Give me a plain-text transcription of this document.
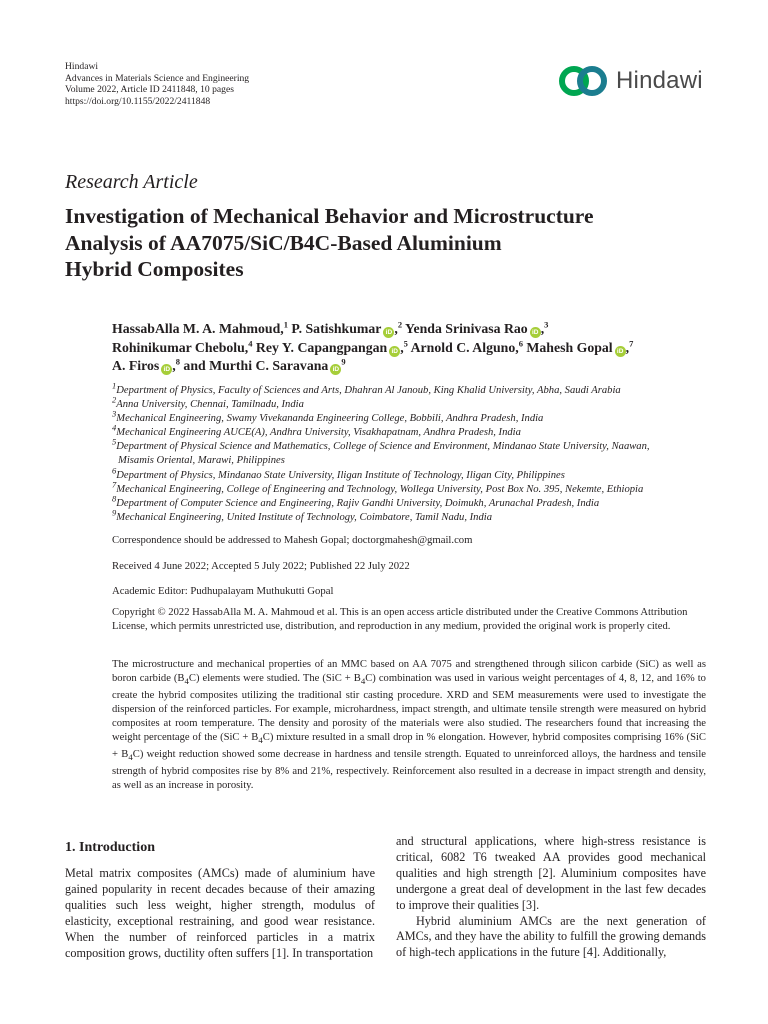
Hindawi
Advances in Materials Science and Engineering
Volume 2022, Article ID 2411848, 10 pages
https://doi.org/10.1155/2022/2411848
Hindawi
Research Article
Investigation of Mechanical Behavior and Microstructure
Analysis of AA7075/SiC/B4C-Based Aluminium
Hybrid Composites
HassabAlla M. A. Mahmoud,$^1$ P. Satishkumar iD ,$^2$ Yenda Srinivasa Rao iD ,$^3$
Rohinikumar Chebolu,$^4$ Rey Y. Capangpangan iD ,$^5$ Arnold C. Alguno,$^6$ Mahesh Gopal iD ,$^7$
A. Firos iD ,$^8$ and Murthi C. Saravana $iD^9$
$^1$Department of Physics, Faculty of Sciences and Arts, Dhahran Al Janoub, King Khalid University, Abha, Saudi Arabia
$^2$Anna University, Chennai, Tamilnadu, India
$^3$Mechanical Engineering, Swamy Vivekananda Engineering College, Bobbili, Andhra Pradesh, India
$^4$Mechanical Engineering AUCE(A), Andhra University, Visakhapatnam, Andhra Pradesh, India
$^5$Department of Physical Science and Mathematics, College of Science and Environment, Mindanao State University, Naawan,
Misamis Oriental, Marawi, Philippines
$^6$Department of Physics, Mindanao State University, Iligan Institute of Technology, Iligan City, Philippines
$^7$Mechanical Engineering, College of Engineering and Technology, Wollega University, Post Box No. 395, Nekemte, Ethiopia
$^8$Department of Computer Science and Engineering, Rajiv Gandhi University, Doimukh, Arunachal Pradesh, India
$^9$Mechanical Engineering, United Institute of Technology, Coimbatore, Tamil Nadu, India
Correspondence should be addressed to Mahesh Gopal; doctorgmahesh@gmail.com
Received 4 June 2022; Accepted 5 July 2022; Published 22 July 2022
Academic Editor: Pudhupalayam Muthukutti Gopal
Copyright © 2022 HassabAlla M. A. Mahmoud et al. This is an open access article distributed under the Creative Commons Attribution License, which permits unrestricted use, distribution, and reproduction in any medium, provided the original work is properly cited.

The microstructure and mechanical properties of an MMC based on AA 7075 and strengthened through silicon carbide (SiC) as well as boron carbide $(B_4C)$ elements were studied. The $(SiC + B_4C)$ combination was used in various weight percentages of 4, 8, 12, and 16% to create the hybrid composites utilizing the traditional stir casting procedure. XRD and SEM measurements were used to investigate the dispersion of the reinforced particles. For example, microhardness, impact strength, and ultimate tensile strength were measured on hybrid composites at room temperature. The density and porosity of the materials were also studied. The researchers found that increasing the weight percentage of the $(SiC + B_4C)$ mixture resulted in a small drop in % elongation. However, hybrid composites comprising 16% $(SiC + B_4C)$ weight reduction showed some decrease in hardness and tensile strength. Equated to unreinforced alloys, the hardness and tensile strength of hybrid composites rise by 8% and 21%, respectively. Reinforcement also resulted in a decrease in impact strength and density, as well as an increase in porosity.

1. Introduction

Metal matrix composites (AMCs) made of aluminium have gained popularity in recent decades because of their amazing qualities such less weight, higher strength, modulus of elasticity, exceptional restraining, and good wear resistance. When the number of reinforced particles in a matrix composition grows, ductility often suffers [1]. In transportation

and structural applications, where high-stress resistance is critical, 6082 T6 tweaked AA provides good mechanical qualities and high strength [2]. Aluminium composites have undergone a great deal of development in the last few decades to improve their qualities [3].

Hybrid aluminium AMCs are the next generation of AMCs, and they have the ability to fulfill the growing demands of high-tech applications in the future [4]. Additionally,
